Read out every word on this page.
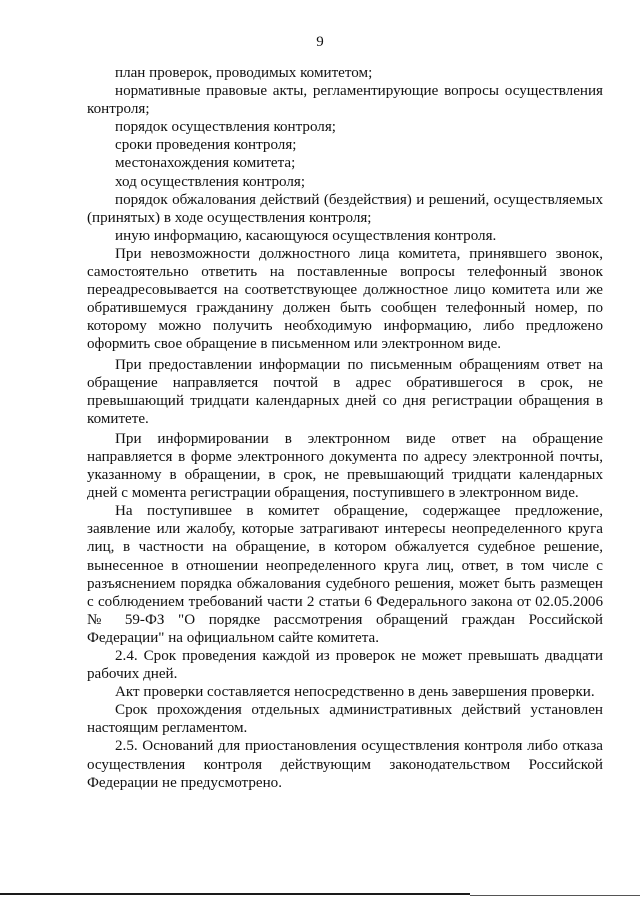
9

план проверок, проводимых комитетом;

нормативные правовые акты, регламентирующие вопросы осуществления контроля;

порядок осуществления контроля;

сроки проведения контроля;

местонахождения комитета;

ход осуществления контроля;

порядок обжалования действий (бездействия) и решений, осуществляемых (принятых) в ходе осуществления контроля;

иную информацию, касающуюся осуществления контроля.

При невозможности должностного лица комитета, принявшего звонок, самостоятельно ответить на поставленные вопросы телефонный звонок переадресовывается на соответствующее должностное лицо комитета или же обратившемуся гражданину должен быть сообщен телефонный номер, по которому можно получить необходимую информацию, либо предложено оформить свое обращение в письменном или электронном виде.

При предоставлении информации по письменным обращениям ответ на обращение направляется почтой в адрес обратившегося в срок, не превышающий тридцати календарных дней со дня регистрации обращения в комитете.

При информировании в электронном виде ответ на обращение направляется в форме электронного документа по адресу электронной почты, указанному в обращении, в срок, не превышающий тридцати календарных дней с момента регистрации обращения, поступившего в электронном виде.

На поступившее в комитет обращение, содержащее предложение, заявление или жалобу, которые затрагивают интересы неопределенного круга лиц, в частности на обращение, в котором обжалуется судебное решение, вынесенное в отношении неопределенного круга лиц, ответ, в том числе с разъяснением порядка обжалования судебного решения, может быть размещен с соблюдением требований части 2 статьи 6 Федерального закона от 02.05.2006 № 59-ФЗ "О порядке рассмотрения обращений граждан Российской Федерации" на официальном сайте комитета.

2.4. Срок проведения каждой из проверок не может превышать двадцати рабочих дней.

Акт проверки составляется непосредственно в день завершения проверки.

Срок прохождения отдельных административных действий установлен настоящим регламентом.

2.5. Оснований для приостановления осуществления контроля либо отказа осуществления контроля действующим законодательством Российской Федерации не предусмотрено.
